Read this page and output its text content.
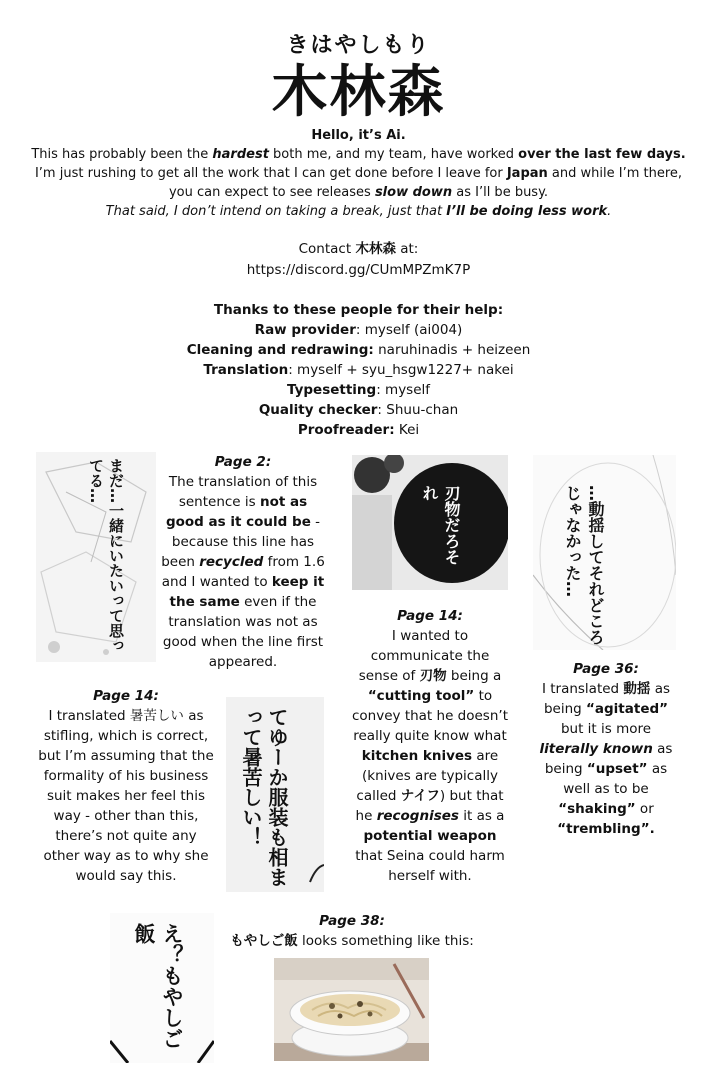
きはやしもり
木林森

Hello, it’s Ai.

This has probably been the hardest both me, and my team, have worked over the last few days.

I’m just rushing to get all the work that I can get done before I leave for Japan and while I’m there,

you can expect to see releases slow down as I’ll be busy.

That said, I don’t intend on taking a break, just that I’ll be doing less work.

Contact 木林森 at:
https://discord.gg/CUmMPZmK7P
Thanks to these people for their help:
Raw provider: myself (ai004)
Cleaning and redrawing: naruhinadis + heizeen
Translation: myself + syu_hsgw1227+ nakei
Typesetting: myself
Quality checker: Shuu-chan
Proofreader: Kei
まだ…一緒にいたいって思ってる…	Page 2:
The translation of this sentence is not as good as it could be - because this line has been recycled from 1.6 and I wanted to keep it the same even if the translation was not as good when the line first appeared.
刃物だろそれ	…動揺してそれどころじゃなかった…
Page 14:
I wanted to communicate the sense of 刃物 being a “cutting tool” to convey that he doesn’t really quite know what kitchen knives are (knives are typically called ナイフ) but that he recognises it as a potential weapon that Seina could harm herself with.
Page 36:
I translated 動揺 as being “agitated” but it is more literally known as being “upset” as well as to be “shaking” or “trembling”.
Page 14:
I translated 暑苦しい as stifling, which is correct, but I’m assuming that the formality of his business suit makes her feel this way - other than this, there’s not quite any other way as to why she would say this.	てゆーか服装も相まって暑苦しい！
Page 38:
もやしご飯 looks something like this:
え？もやしご飯
